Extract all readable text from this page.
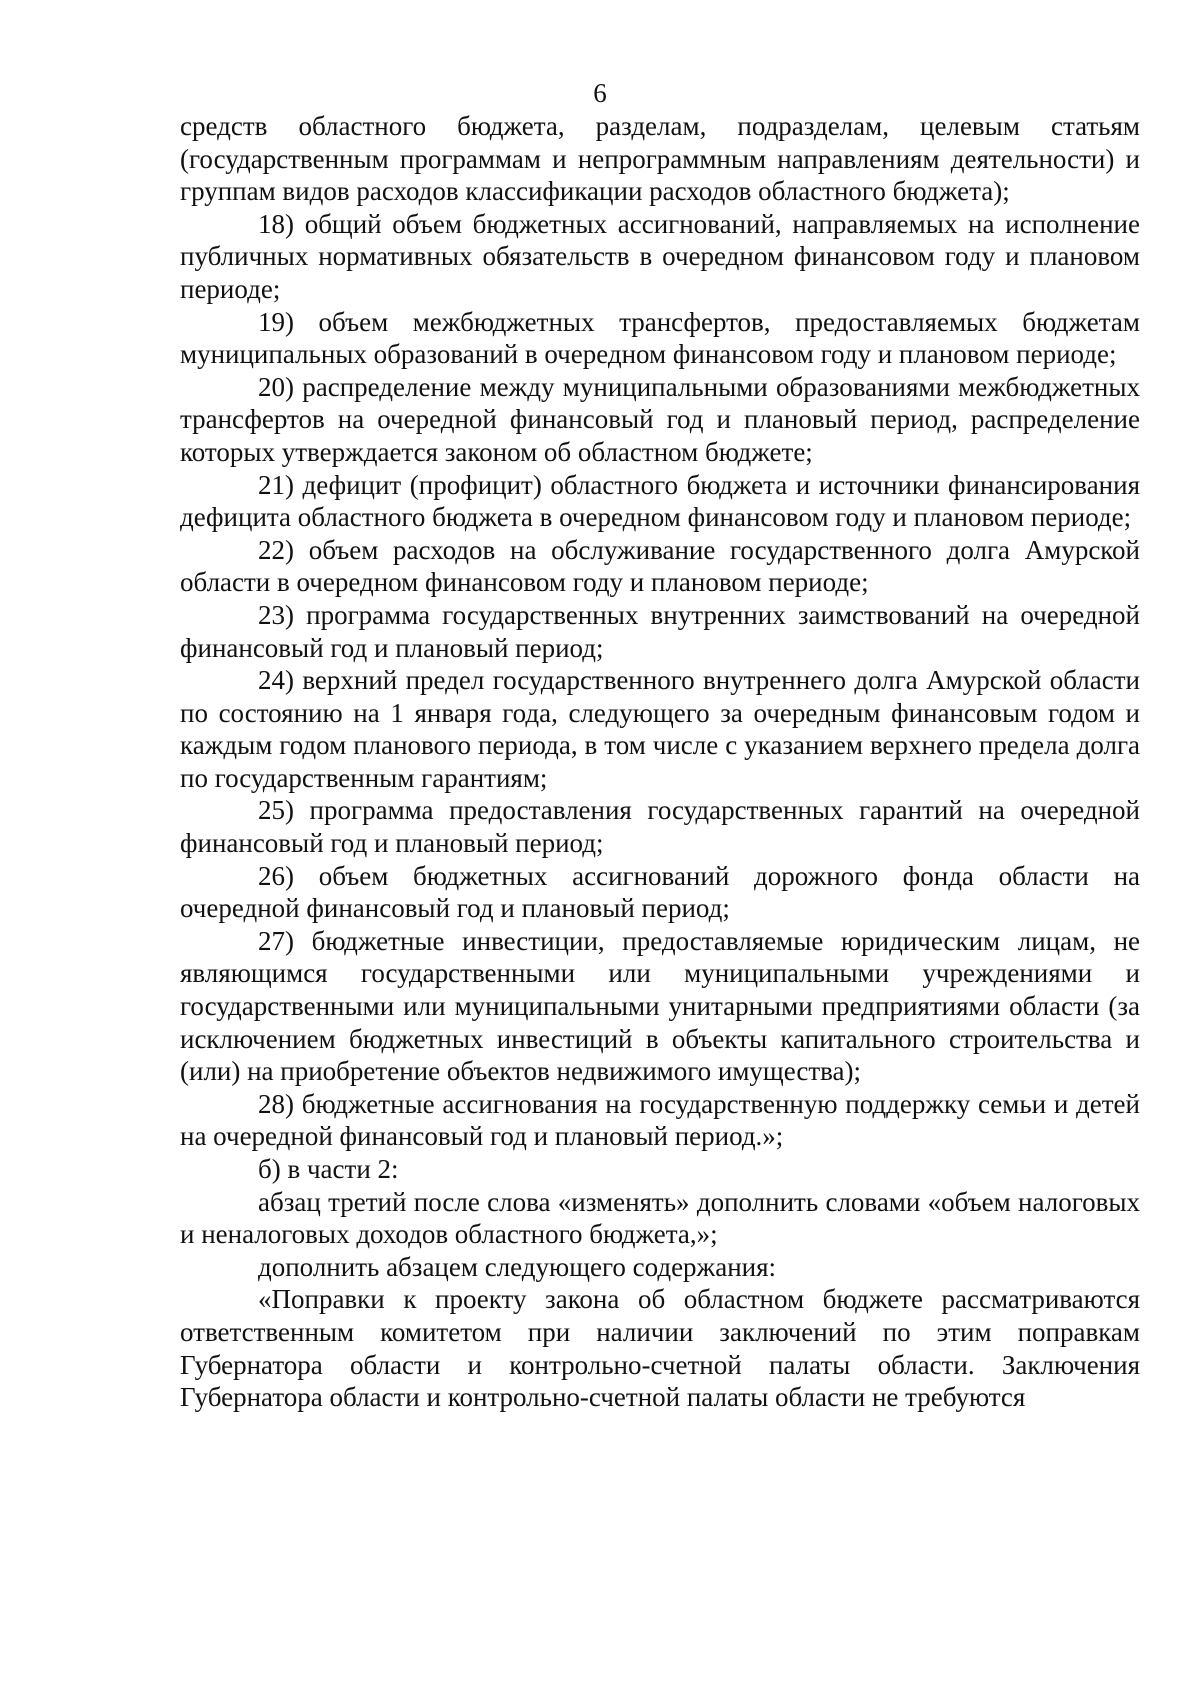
6

средств областного бюджета, разделам, подразделам, целевым статьям (государственным программам и непрограммным направлениям деятельности) и группам видов расходов классификации расходов областного бюджета);

18) общий объем бюджетных ассигнований, направляемых на исполнение публичных нормативных обязательств в очередном финансовом году и плановом периоде;

19) объем межбюджетных трансфертов, предоставляемых бюджетам муниципальных образований в очередном финансовом году и плановом периоде;

20) распределение между муниципальными образованиями межбюджетных трансфертов на очередной финансовый год и плановый период, распределение которых утверждается законом об областном бюджете;

21) дефицит (профицит) областного бюджета и источники финансирования дефицита областного бюджета в очередном финансовом году и плановом периоде;

22) объем расходов на обслуживание государственного долга Амурской области в очередном финансовом году и плановом периоде;

23) программа государственных внутренних заимствований на очередной финансовый год и плановый период;

24) верхний предел государственного внутреннего долга Амурской области по состоянию на 1 января года, следующего за очередным финансовым годом и каждым годом планового периода, в том числе с указанием верхнего предела долга по государственным гарантиям;

25) программа предоставления государственных гарантий на очередной финансовый год и плановый период;

26) объем бюджетных ассигнований дорожного фонда области на очередной финансовый год и плановый период;

27) бюджетные инвестиции, предоставляемые юридическим лицам, не являющимся государственными или муниципальными учреждениями и государственными или муниципальными унитарными предприятиями области (за исключением бюджетных инвестиций в объекты капитального строительства и (или) на приобретение объектов недвижимого имущества);

28) бюджетные ассигнования на государственную поддержку семьи и детей на очередной финансовый год и плановый период.»;

б) в части 2:

абзац третий после слова «изменять» дополнить словами «объем налоговых и неналоговых доходов областного бюджета,»;

дополнить абзацем следующего содержания:

«Поправки к проекту закона об областном бюджете рассматриваются ответственным комитетом при наличии заключений по этим поправкам Губернатора области и контрольно-счетной палаты области. Заключения Губернатора области и контрольно-счетной палаты области не требуются
